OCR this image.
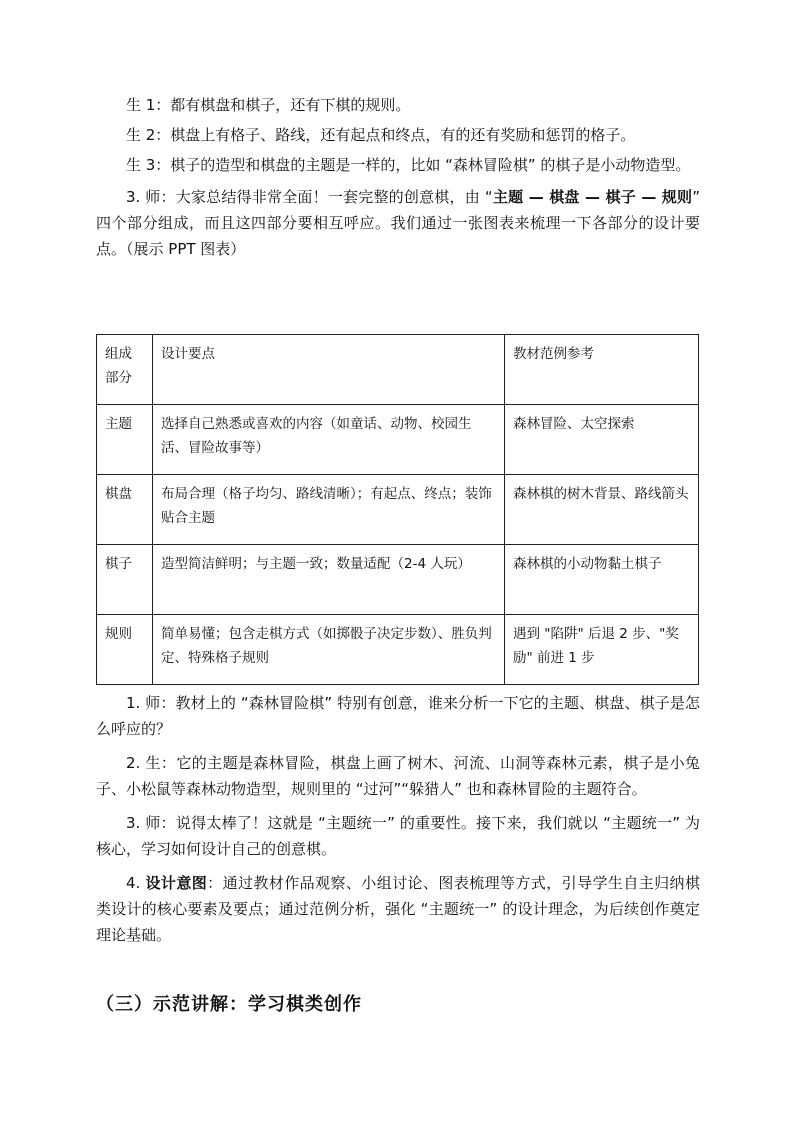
生 1：都有棋盘和棋子，还有下棋的规则。

生 2：棋盘上有格子、路线，还有起点和终点，有的还有奖励和惩罚的格子。

生 3：棋子的造型和棋盘的主题是一样的，比如 “森林冒险棋” 的棋子是小动物造型。

3. 师：大家总结得非常全面！一套完整的创意棋，由 “主题 — 棋盘 — 棋子 — 规则” 四个部分组成，而且这四部分要相互呼应。我们通过一张图表来梳理一下各部分的设计要点。（展示 PPT 图表）

组成部分	设计要点	教材范例参考
主题	选择自己熟悉或喜欢的内容（如童话、动物、校园生活、冒险故事等）	森林冒险、太空探索
棋盘	布局合理（格子均匀、路线清晰）；有起点、终点；装饰贴合主题	森林棋的树木背景、路线箭头
棋子	造型简洁鲜明；与主题一致；数量适配（2-4 人玩）	森林棋的小动物黏土棋子
规则	简单易懂；包含走棋方式（如掷骰子决定步数）、胜负判定、特殊格子规则	遇到 "陷阱" 后退 2 步、"奖励" 前进 1 步

1. 师：教材上的 “森林冒险棋” 特别有创意，谁来分析一下它的主题、棋盘、棋子是怎么呼应的？

2. 生：它的主题是森林冒险，棋盘上画了树木、河流、山洞等森林元素，棋子是小兔子、小松鼠等森林动物造型，规则里的 “过河”“躲猎人” 也和森林冒险的主题符合。

3. 师：说得太棒了！这就是 “主题统一” 的重要性。接下来，我们就以 “主题统一” 为核心，学习如何设计自己的创意棋。

4. 设计意图：通过教材作品观察、小组讨论、图表梳理等方式，引导学生自主归纳棋类设计的核心要素及要点；通过范例分析，强化 “主题统一” 的设计理念，为后续创作奠定理论基础。

（三）示范讲解：学习棋类创作
